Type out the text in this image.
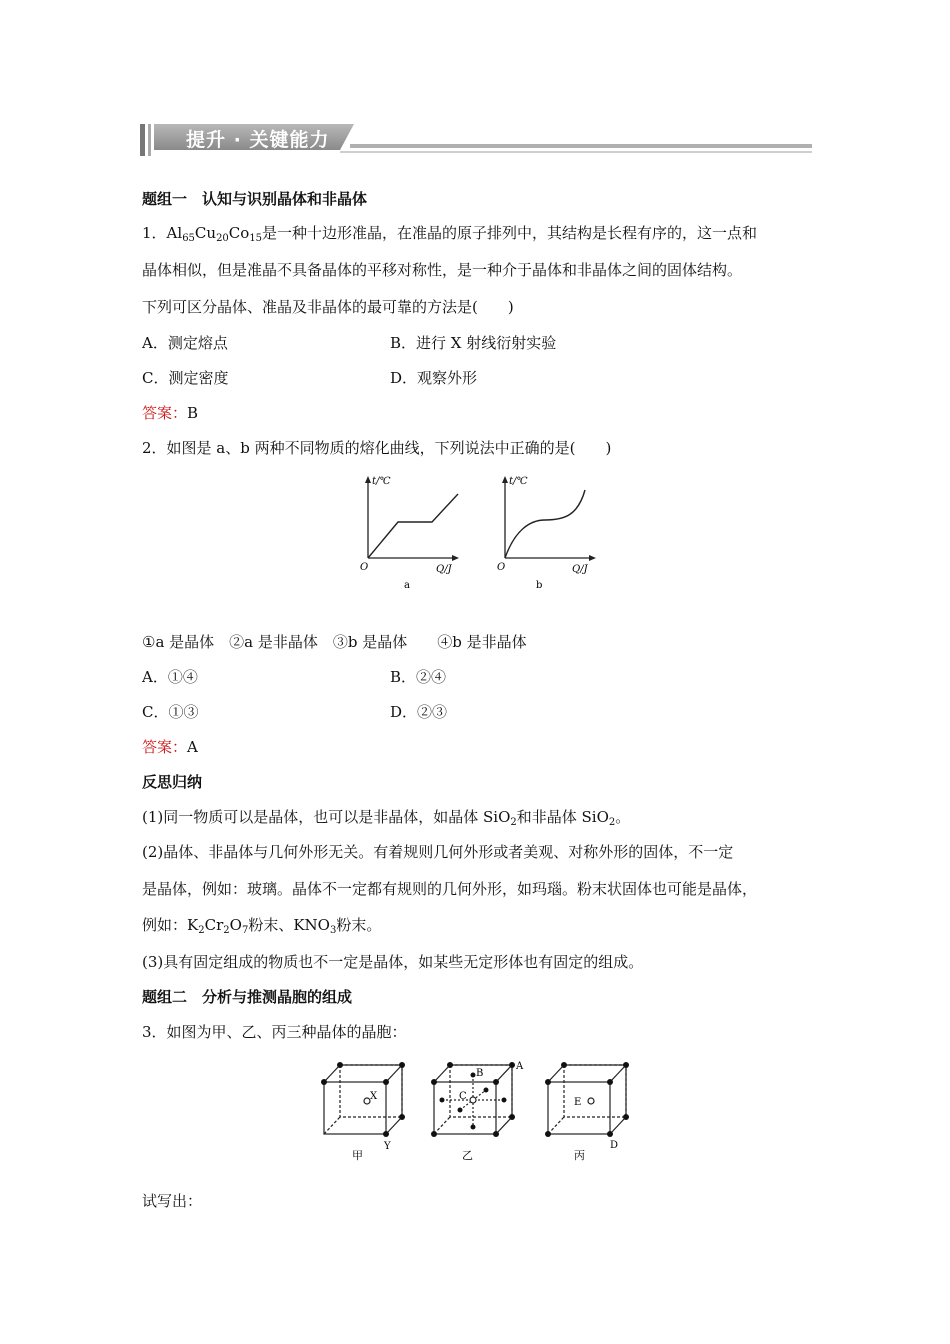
提升 · 关键能力
题组一　认知与识别晶体和非晶体
1．$Al_{65}Cu_{20}Co_{15}$是一种十边形准晶，在准晶的原子排列中，其结构是长程有序的，这一点和
晶体相似，但是准晶不具备晶体的平移对称性，是一种介于晶体和非晶体之间的固体结构。
下列可区分晶体、准晶及非晶体的最可靠的方法是(　　)
A．测定熔点	B．进行 X 射线衍射实验
C．测定密度	D．观察外形
答案：B
2．如图是 a、b 两种不同物质的熔化曲线，下列说法中正确的是(　　)
t/℃
O	Q/J
a
t/℃
O	Q/J
b
①a 是晶体　②a 是非晶体　③b 是晶体　　④b 是非晶体
A．①④	B．②④
C．①③	D．②③
答案：A
反思归纳
(1)同一物质可以是晶体，也可以是非晶体，如晶体 SiO$_2$和非晶体 SiO$_2$。
(2)晶体、非晶体与几何外形无关。有着规则几何外形或者美观、对称外形的固体，不一定
是晶体，例如：玻璃。晶体不一定都有规则的几何外形，如玛瑙。粉末状固体也可能是晶体，
例如：$K_2Cr_2O_7$粉末、$KNO_3$粉末。
(3)具有固定组成的物质也不一定是晶体，如某些无定形体也有固定的组成。
题组二　分析与推测晶胞的组成
3．如图为甲、乙、丙三种晶体的晶胞：
X
Y
甲
A
B
C
乙
E
D
丙
试写出：
